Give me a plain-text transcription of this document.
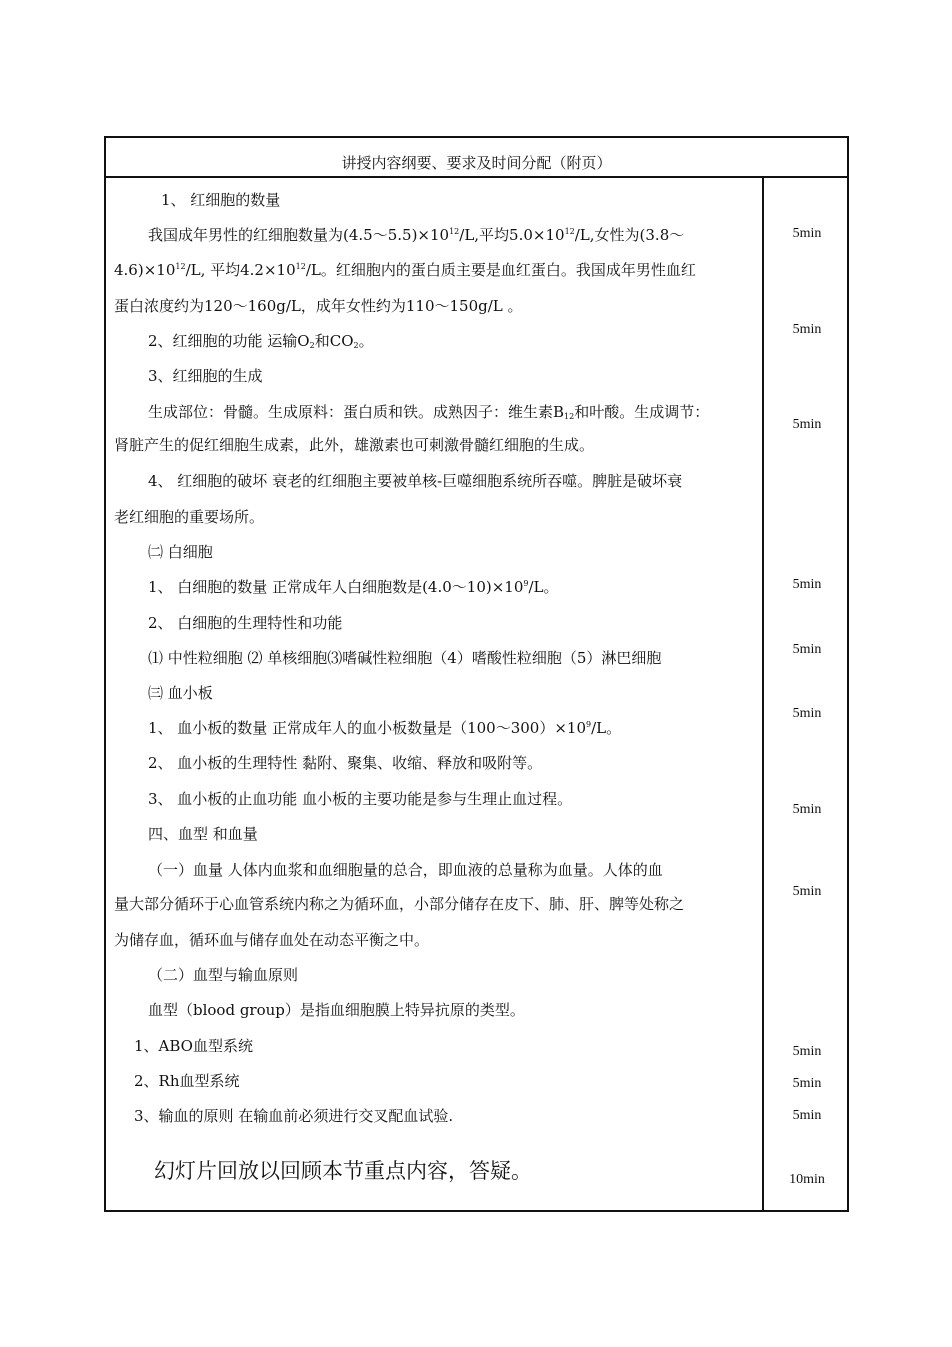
讲授内容纲要、要求及时间分配（附页）
1、 红细胞的数量
我国成年男性的红细胞数量为$(4.5\sim 5.5)\times 10^{12}/L$,平均$5.0\times 10^{12}/L$,女性为(3.8～
$4.6)\times 10^{12}/L$, 平均$4.2\times 10^{12}/L$。红细胞内的蛋白质主要是血红蛋白。我国成年男性血红
蛋白浓度约为120～160g/L，成年女性约为110～150g/L 。
2、红细胞的功能 运输$O_2$和$CO_2$。
3、红细胞的生成
生成部位：骨髓。生成原料：蛋白质和铁。成熟因子：维生素$B_{12}$和叶酸。生成调节：
肾脏产生的促红细胞生成素，此外，雄激素也可刺激骨髓红细胞的生成。
4、 红细胞的破坏 衰老的红细胞主要被单核-巨噬细胞系统所吞噬。脾脏是破坏衰
老红细胞的重要场所。
㈡ 白细胞
1、 白细胞的数量 正常成年人白细胞数是$(4.0\sim 10)\times 10^9/L$。
2、 白细胞的生理特性和功能
⑴ 中性粒细胞 ⑵ 单核细胞⑶嗜碱性粒细胞（4）嗜酸性粒细胞（5）淋巴细胞
㈢ 血小板
1、 血小板的数量 正常成年人的血小板数量是$(100\sim 300)\times 10^9/L$。
2、 血小板的生理特性 黏附、聚集、收缩、释放和吸附等。
3、 血小板的止血功能 血小板的主要功能是参与生理止血过程。
四、血型 和血量
（一）血量 人体内血浆和血细胞量的总合，即血液的总量称为血量。人体的血
量大部分循环于心血管系统内称之为循环血，小部分储存在皮下、肺、肝、脾等处称之
为储存血，循环血与储存血处在动态平衡之中。
（二）血型与输血原则
血型（blood group）是指血细胞膜上特异抗原的类型。
1、ABO血型系统
2、Rh血型系统
3、输血的原则 在输血前必须进行交叉配血试验.
幻灯片回放以回顾本节重点内容，答疑。
5min
5min
5min
5min
5min
5min
5min
5min
5min
5min
5min
10min
